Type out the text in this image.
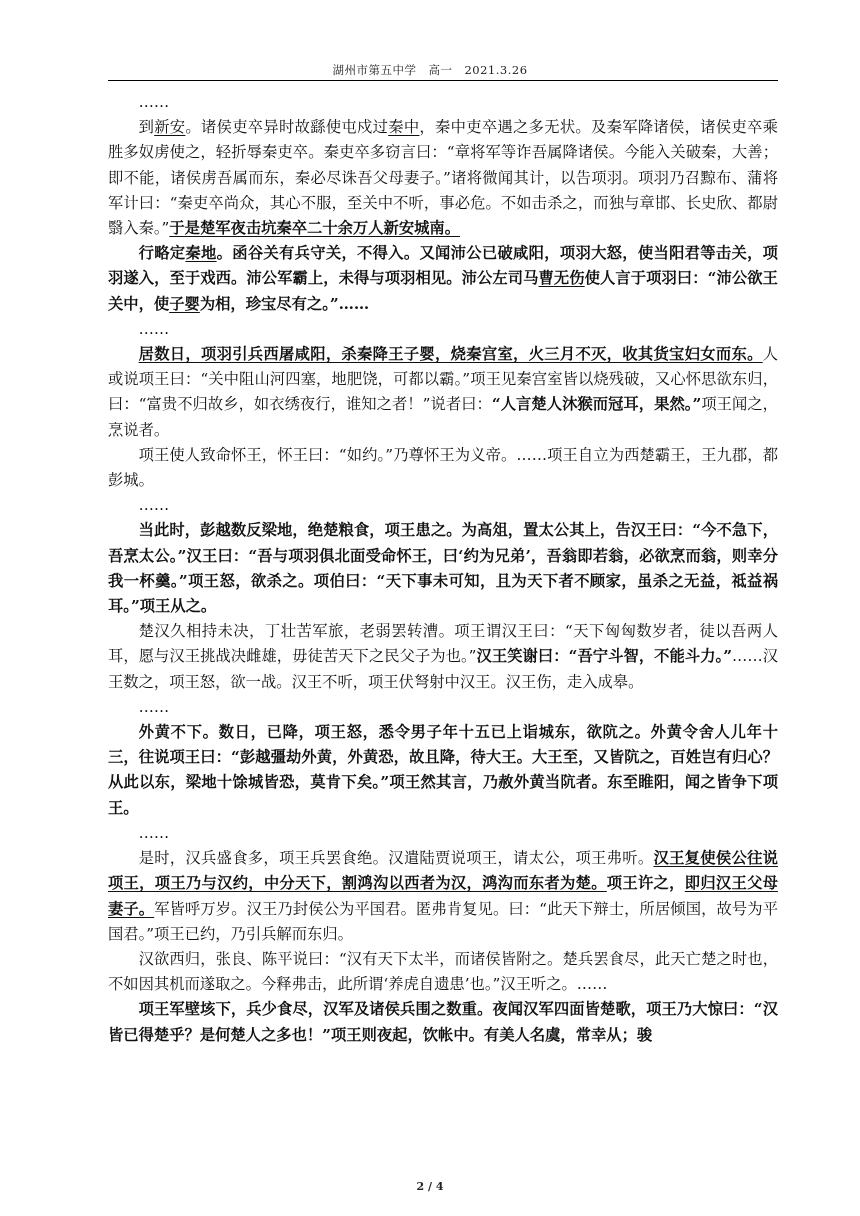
湖州市第五中学　高一　2021.3.26

……

到新安。诸侯吏卒异时故繇使屯戍过秦中，秦中吏卒遇之多无状。及秦军降诸侯，诸侯吏卒乘胜多奴虏使之，轻折辱秦吏卒。秦吏卒多窃言曰：“章将军等诈吾属降诸侯。今能入关破秦，大善；即不能，诸侯虏吾属而东，秦必尽诛吾父母妻子。”诸将微闻其计，以告项羽。项羽乃召黥布、蒲将军计曰：“秦吏卒尚众，其心不服，至关中不听，事必危。不如击杀之，而独与章邯、长史欣、都尉翳入秦。”于是楚军夜击坑秦卒二十余万人新安城南。

行略定秦地。函谷关有兵守关，不得入。又闻沛公已破咸阳，项羽大怒，使当阳君等击关，项羽遂入，至于戏西。沛公军霸上，未得与项羽相见。沛公左司马曹无伤使人言于项羽曰：“沛公欲王关中，使子婴为相，珍宝尽有之。”……

……

居数日，项羽引兵西屠咸阳，杀秦降王子婴，烧秦宫室，火三月不灭，收其货宝妇女而东。人或说项王曰：“关中阻山河四塞，地肥饶，可都以霸。”项王见秦宫室皆以烧残破，又心怀思欲东归，曰：“富贵不归故乡，如衣绣夜行，谁知之者！”说者曰：“人言楚人沐猴而冠耳，果然。”项王闻之，烹说者。

项王使人致命怀王，怀王曰：“如约。”乃尊怀王为义帝。……项王自立为西楚霸王，王九郡，都彭城。

……

当此时，彭越数反梁地，绝楚粮食，项王患之。为高俎，置太公其上，告汉王曰：“今不急下，吾烹太公。”汉王曰：“吾与项羽俱北面受命怀王，曰‘约为兄弟’，吾翁即若翁，必欲烹而翁，则幸分我一杯羹。”项王怒，欲杀之。项伯曰：“天下事未可知，且为天下者不顾家，虽杀之无益，祗益祸耳。”项王从之。

楚汉久相持未决，丁壮苦军旅，老弱罢转漕。项王谓汉王曰：“天下匈匈数岁者，徒以吾两人耳，愿与汉王挑战决雌雄，毋徒苦天下之民父子为也。”汉王笑谢曰：“吾宁斗智，不能斗力。”……汉王数之，项王怒，欲一战。汉王不听，项王伏弩射中汉王。汉王伤，走入成皋。

……

外黄不下。数日，已降，项王怒，悉令男子年十五已上诣城东，欲阬之。外黄令舍人儿年十三，往说项王曰：“彭越彊劫外黄，外黄恐，故且降，待大王。大王至，又皆阬之，百姓岂有归心？从此以东，梁地十馀城皆恐，莫肯下矣。”项王然其言，乃赦外黄当阬者。东至睢阳，闻之皆争下项王。

……

是时，汉兵盛食多，项王兵罢食绝。汉遣陆贾说项王，请太公，项王弗听。汉王复使侯公往说项王，项王乃与汉约，中分天下，割鸿沟以西者为汉，鸿沟而东者为楚。项王许之，即归汉王父母妻子。军皆呼万岁。汉王乃封侯公为平国君。匿弗肯复见。曰：“此天下辩士，所居倾国，故号为平国君。”项王已约，乃引兵解而东归。

汉欲西归，张良、陈平说曰：“汉有天下太半，而诸侯皆附之。楚兵罢食尽，此天亡楚之时也，不如因其机而遂取之。今释弗击，此所谓‘养虎自遗患’也。”汉王听之。……

项王军壁垓下，兵少食尽，汉军及诸侯兵围之数重。夜闻汉军四面皆楚歌，项王乃大惊曰：“汉皆已得楚乎？是何楚人之多也！”项王则夜起，饮帐中。有美人名虞，常幸从；骏

2 / 4
